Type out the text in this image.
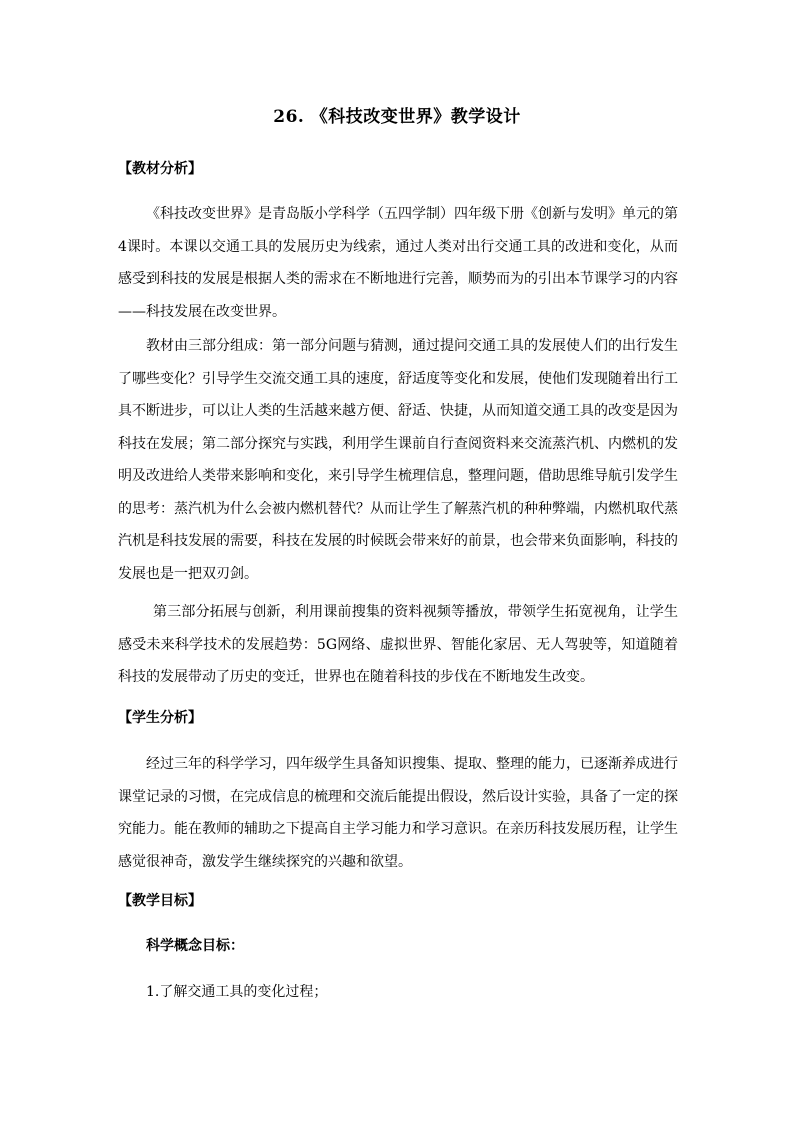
26. 《科技改变世界》教学设计
【教材分析】
《科技改变世界》是青岛版小学科学（五四学制）四年级下册《创新与发明》单元的第4课时。本课以交通工具的发展历史为线索，通过人类对出行交通工具的改进和变化，从而感受到科技的发展是根据人类的需求在不断地进行完善，顺势而为的引出本节课学习的内容——科技发展在改变世界。
教材由三部分组成：第一部分问题与猜测，通过提问交通工具的发展使人们的出行发生了哪些变化？引导学生交流交通工具的速度，舒适度等变化和发展，使他们发现随着出行工具不断进步，可以让人类的生活越来越方便、舒适、快捷，从而知道交通工具的改变是因为科技在发展；第二部分探究与实践，利用学生课前自行查阅资料来交流蒸汽机、内燃机的发明及改进给人类带来影响和变化，来引导学生梳理信息，整理问题，借助思维导航引发学生的思考：蒸汽机为什么会被内燃机替代？从而让学生了解蒸汽机的种种弊端，内燃机取代蒸汽机是科技发展的需要，科技在发展的时候既会带来好的前景，也会带来负面影响，科技的发展也是一把双刃剑。
第三部分拓展与创新，利用课前搜集的资料视频等播放，带领学生拓宽视角，让学生感受未来科学技术的发展趋势：5G网络、虚拟世界、智能化家居、无人驾驶等，知道随着科技的发展带动了历史的变迁，世界也在随着科技的步伐在不断地发生改变。
【学生分析】
经过三年的科学学习，四年级学生具备知识搜集、提取、整理的能力，已逐渐养成进行课堂记录的习惯，在完成信息的梳理和交流后能提出假设，然后设计实验，具备了一定的探究能力。能在教师的辅助之下提高自主学习能力和学习意识。在亲历科技发展历程，让学生感觉很神奇，激发学生继续探究的兴趣和欲望。
【教学目标】
科学概念目标：
1.了解交通工具的变化过程；
